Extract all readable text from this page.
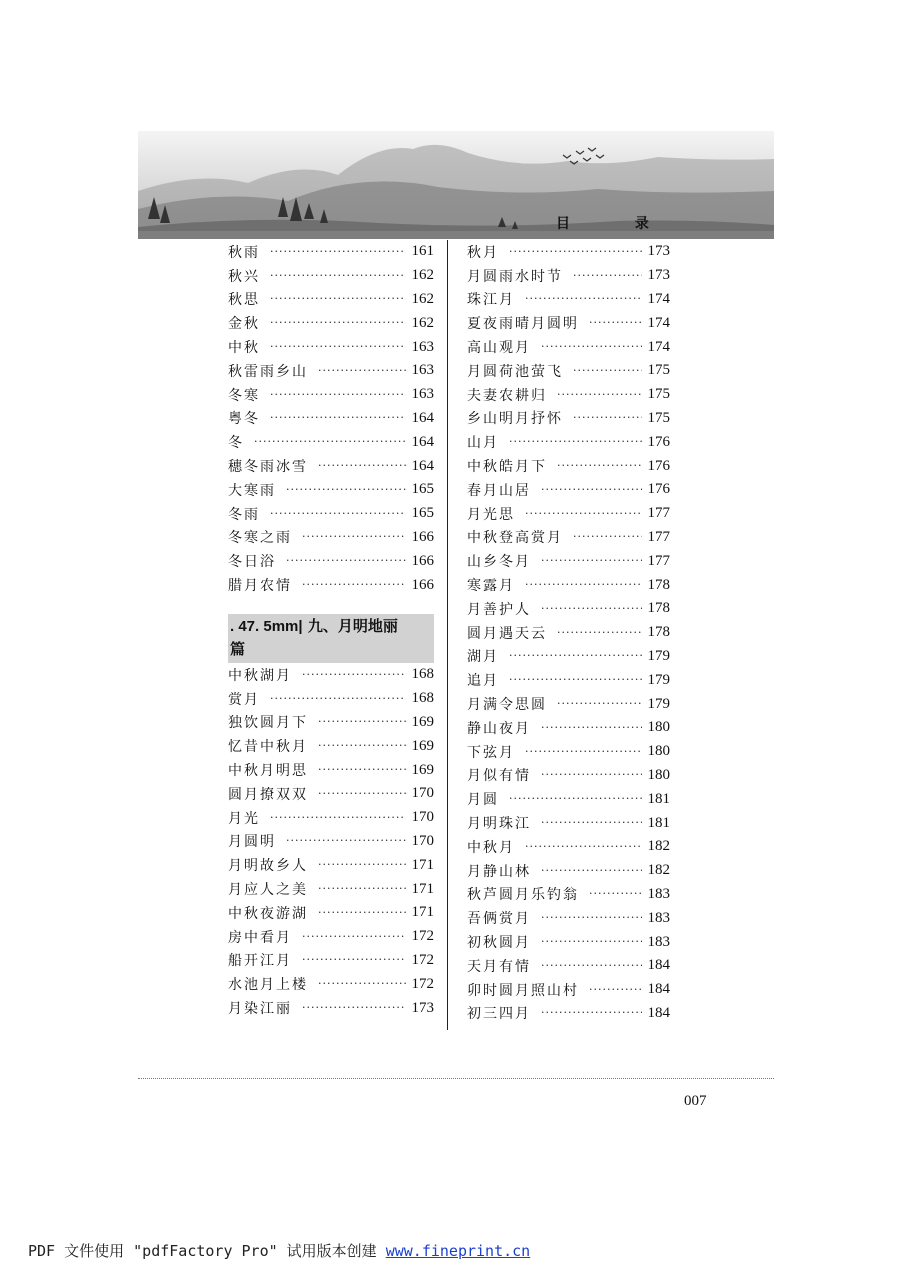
目 录
秋雨 ·····	161
秋兴 ·····	162
秋思 ·····	162
金秋 ·····	162
中秋 ·····	163
秋雷雨乡山 ·····	163
冬寒 ·····	163
粤冬 ·····	164
冬 ·····	164
穗冬雨冰雪 ·····	164
大寒雨 ·····	165
冬雨 ·····	165
冬寒之雨 ·····	166
冬日浴 ·····	166
腊月农情 ·····	166
. 47. 5mm| 九、月明地丽
篇
中秋湖月 ·····	168
赏月 ·····	168
独饮圆月下 ·····	169
忆昔中秋月 ·····	169
中秋月明思 ·····	169
圆月撩双双 ·····	170
月光 ·····	170
月圆明 ·····	170
月明故乡人 ·····	171
月应人之美 ·····	171
中秋夜游湖 ·····	171
房中看月 ·····	172
船开江月 ·····	172
水池月上楼 ·····	172
月染江丽 ·····	173
秋月 ·····	173
月圆雨水时节 ·····	173
珠江月 ·····	174
夏夜雨晴月圆明 ·····	174
高山观月 ·····	174
月圆荷池萤飞 ·····	175
夫妻农耕归 ·····	175
乡山明月抒怀 ·····	175
山月 ·····	176
中秋皓月下 ·····	176
春月山居 ·····	176
月光思 ·····	177
中秋登高赏月 ·····	177
山乡冬月 ·····	177
寒露月 ·····	178
月善护人 ·····	178
圆月遇天云 ·····	178
湖月 ·····	179
追月 ·····	179
月满令思圆 ·····	179
静山夜月 ·····	180
下弦月 ·····	180
月似有情 ·····	180
月圆 ·····	181
月明珠江 ·····	181
中秋月 ·····	182
月静山林 ·····	182
秋芦圆月乐钓翁 ·····	183
吾俩赏月 ·····	183
初秋圆月 ·····	183
天月有情 ·····	184
卯时圆月照山村 ·····	184
初三四月 ·····	184
007
PDF 文件使用 "pdfFactory Pro" 试用版本创建 www.fineprint.cn
